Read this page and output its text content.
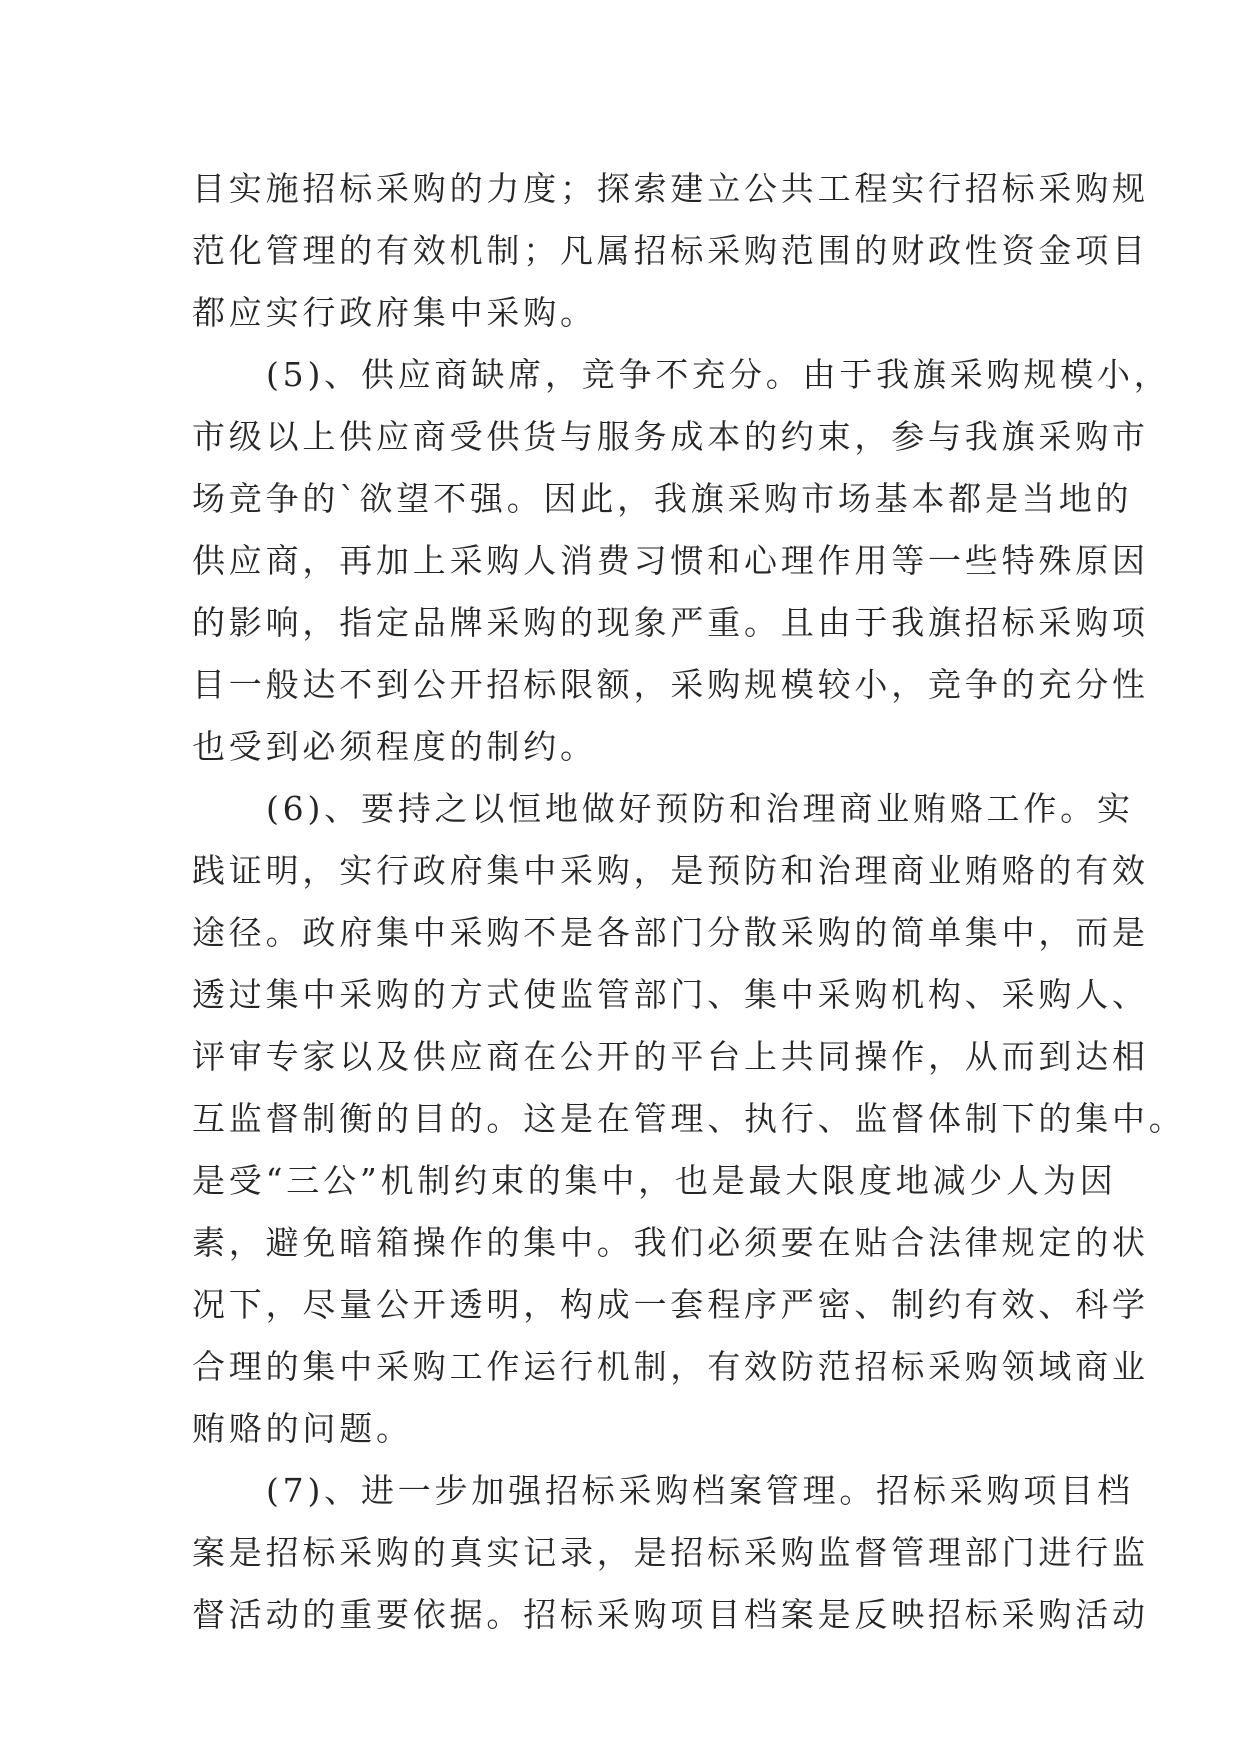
目实施招标采购的力度；探索建立公共工程实行招标采购规
范化管理的有效机制；凡属招标采购范围的财政性资金项目
都应实行政府集中采购。
(5)、供应商缺席，竞争不充分。由于我旗采购规模小，
市级以上供应商受供货与服务成本的约束，参与我旗采购市
场竞争的`欲望不强。因此，我旗采购市场基本都是当地的
供应商，再加上采购人消费习惯和心理作用等一些特殊原因
的影响，指定品牌采购的现象严重。且由于我旗招标采购项
目一般达不到公开招标限额，采购规模较小，竞争的充分性
也受到必须程度的制约。
(6)、要持之以恒地做好预防和治理商业贿赂工作。实
践证明，实行政府集中采购，是预防和治理商业贿赂的有效
途径。政府集中采购不是各部门分散采购的简单集中，而是
透过集中采购的方式使监管部门、集中采购机构、采购人、
评审专家以及供应商在公开的平台上共同操作，从而到达相
互监督制衡的目的。这是在管理、执行、监督体制下的集中。
是受“三公”机制约束的集中，也是最大限度地减少人为因
素，避免暗箱操作的集中。我们必须要在贴合法律规定的状
况下，尽量公开透明，构成一套程序严密、制约有效、科学
合理的集中采购工作运行机制，有效防范招标采购领域商业
贿赂的问题。
(7)、进一步加强招标采购档案管理。招标采购项目档
案是招标采购的真实记录，是招标采购监督管理部门进行监
督活动的重要依据。招标采购项目档案是反映招标采购活动
